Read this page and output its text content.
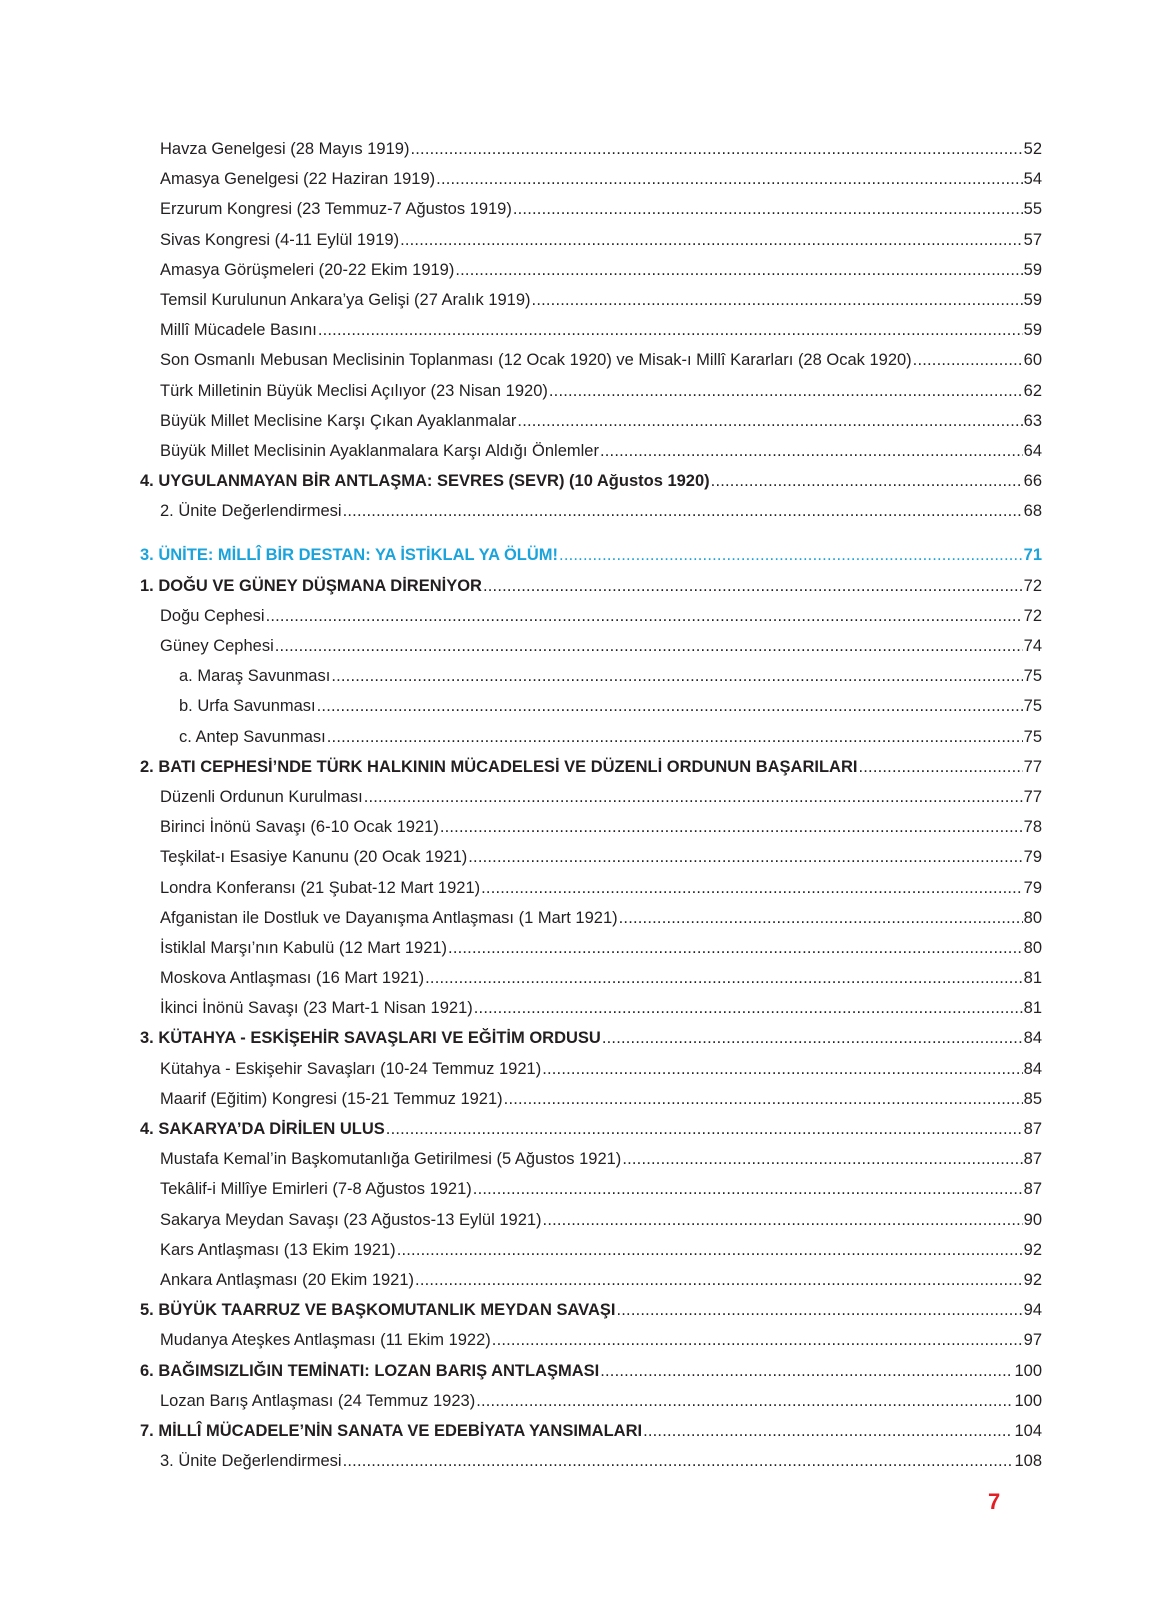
Havza Genelgesi (28 Mayıs 1919) .....	52
Amasya Genelgesi (22 Haziran 1919) .....	54
Erzurum Kongresi (23 Temmuz-7 Ağustos 1919) .....	55
Sivas Kongresi (4-11 Eylül 1919) .....	57
Amasya Görüşmeleri (20-22 Ekim 1919) .....	59
Temsil Kurulunun Ankara’ya Gelişi (27 Aralık 1919) .....	59
Millî Mücadele Basını .....	59
Son Osmanlı Mebusan Meclisinin Toplanması (12 Ocak 1920) ve Misak-ı Millî Kararları (28 Ocak 1920) .....	60
Türk Milletinin Büyük Meclisi Açılıyor (23 Nisan 1920) .....	62
Büyük Millet Meclisine Karşı Çıkan Ayaklanmalar .....	63
Büyük Millet Meclisinin Ayaklanmalara Karşı Aldığı Önlemler .....	64
4. UYGULANMAYAN BİR ANTLAŞMA: SEVRES (SEVR) (10 Ağustos 1920) .....	66
2. Ünite Değerlendirmesi .....	68
3. ÜNİTE: MİLLÎ BİR DESTAN: YA İSTİKLAL YA ÖLÜM! .....	71
1. DOĞU VE GÜNEY DÜŞMANA DİRENİYOR .....	72
Doğu Cephesi .....	72
Güney Cephesi .....	74
a. Maraş Savunması .....	75
b. Urfa Savunması .....	75
c. Antep Savunması .....	75
2. BATI CEPHESİ’NDE TÜRK HALKININ MÜCADELESİ VE DÜZENLİ ORDUNUN BAŞARILARI .....	77
Düzenli Ordunun Kurulması .....	77
Birinci İnönü Savaşı (6-10 Ocak 1921) .....	78
Teşkilat-ı Esasiye Kanunu (20 Ocak 1921) .....	79
Londra Konferansı (21 Şubat-12 Mart 1921) .....	79
Afganistan ile Dostluk ve Dayanışma Antlaşması (1 Mart 1921) .....	80
İstiklal Marşı’nın Kabulü (12 Mart 1921) .....	80
Moskova Antlaşması (16 Mart 1921) .....	81
İkinci İnönü Savaşı (23 Mart-1 Nisan 1921) .....	81
3. KÜTAHYA - ESKİŞEHİR SAVAŞLARI VE EĞİTİM ORDUSU .....	84
Kütahya - Eskişehir Savaşları (10-24 Temmuz 1921) .....	84
Maarif (Eğitim) Kongresi (15-21 Temmuz 1921) .....	85
4. SAKARYA’DA DİRİLEN ULUS .....	87
Mustafa Kemal’in Başkomutanlığa Getirilmesi (5 Ağustos 1921) .....	87
Tekâlif-i Millîye Emirleri (7-8 Ağustos 1921) .....	87
Sakarya Meydan Savaşı (23 Ağustos-13 Eylül 1921) .....	90
Kars Antlaşması (13 Ekim 1921) .....	92
Ankara Antlaşması (20 Ekim 1921) .....	92
5. BÜYÜK TAARRUZ VE BAŞKOMUTANLIK MEYDAN SAVAŞI .....	94
Mudanya Ateşkes Antlaşması (11 Ekim 1922) .....	97
6. BAĞIMSIZLIĞIN TEMİNATI: LOZAN BARIŞ ANTLAŞMASI .....	100
Lozan Barış Antlaşması (24 Temmuz 1923) .....	100
7. MİLLÎ MÜCADELE’NİN SANATA VE EDEBİYATA YANSIMALARI .....	104
3. Ünite Değerlendirmesi .....	108
7
